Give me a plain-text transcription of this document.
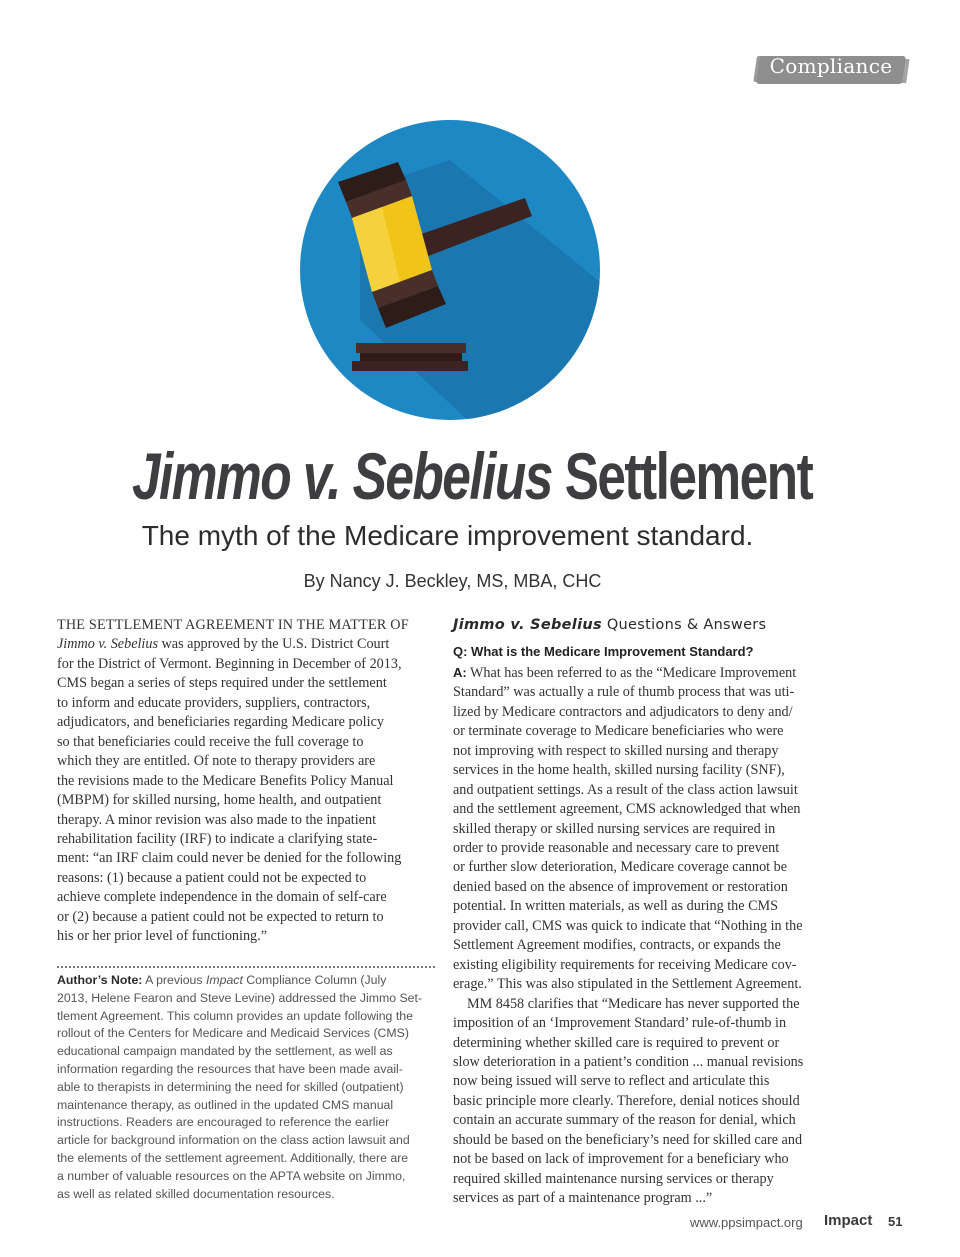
Compliance
Jimmo v. Sebelius Settlement
The myth of the Medicare improvement standard.
By Nancy J. Beckley, MS, MBA, CHC
THE SETTLEMENT AGREEMENT IN THE MATTER OF
Jimmo v. Sebelius was approved by the U.S. District Court
for the District of Vermont. Beginning in December of 2013,
CMS began a series of steps required under the settlement
to inform and educate providers, suppliers, contractors,
adjudicators, and beneficiaries regarding Medicare policy
so that beneficiaries could receive the full coverage to
which they are entitled. Of note to therapy providers are
the revisions made to the Medicare Benefits Policy Manual
(MBPM) for skilled nursing, home health, and outpatient
therapy. A minor revision was also made to the inpatient
rehabilitation facility (IRF) to indicate a clarifying state-
ment: “an IRF claim could never be denied for the following
reasons: (1) because a patient could not be expected to
achieve complete independence in the domain of self-care
or (2) because a patient could not be expected to return to
his or her prior level of functioning.”
Author’s Note: A previous Impact Compliance Column (July
2013, Helene Fearon and Steve Levine) addressed the Jimmo Set-
tlement Agreement. This column provides an update following the
rollout of the Centers for Medicare and Medicaid Services (CMS)
educational campaign mandated by the settlement, as well as
information regarding the resources that have been made avail-
able to therapists in determining the need for skilled (outpatient)
maintenance therapy, as outlined in the updated CMS manual
instructions. Readers are encouraged to reference the earlier
article for background information on the class action lawsuit and
the elements of the settlement agreement. Additionally, there are
a number of valuable resources on the APTA website on Jimmo,
as well as related skilled documentation resources.
Jimmo v. Sebelius Questions & Answers
Q: What is the Medicare Improvement Standard?
A: What has been referred to as the “Medicare Improvement
Standard” was actually a rule of thumb process that was uti-
lized by Medicare contractors and adjudicators to deny and/
or terminate coverage to Medicare beneficiaries who were
not improving with respect to skilled nursing and therapy
services in the home health, skilled nursing facility (SNF),
and outpatient settings. As a result of the class action lawsuit
and the settlement agreement, CMS acknowledged that when
skilled therapy or skilled nursing services are required in
order to provide reasonable and necessary care to prevent
or further slow deterioration, Medicare coverage cannot be
denied based on the absence of improvement or restoration
potential. In written materials, as well as during the CMS
provider call, CMS was quick to indicate that “Nothing in the
Settlement Agreement modifies, contracts, or expands the
existing eligibility requirements for receiving Medicare cov-
erage.” This was also stipulated in the Settlement Agreement.
MM 8458 clarifies that “Medicare has never supported the
imposition of an ‘Improvement Standard’ rule-of-thumb in
determining whether skilled care is required to prevent or
slow deterioration in a patient’s condition ... manual revisions
now being issued will serve to reflect and articulate this
basic principle more clearly. Therefore, denial notices should
contain an accurate summary of the reason for denial, which
should be based on the beneficiary’s need for skilled care and
not be based on lack of improvement for a beneficiary who
required skilled maintenance nursing services or therapy
services as part of a maintenance program ...”
www.ppsimpact.org Impact 51
